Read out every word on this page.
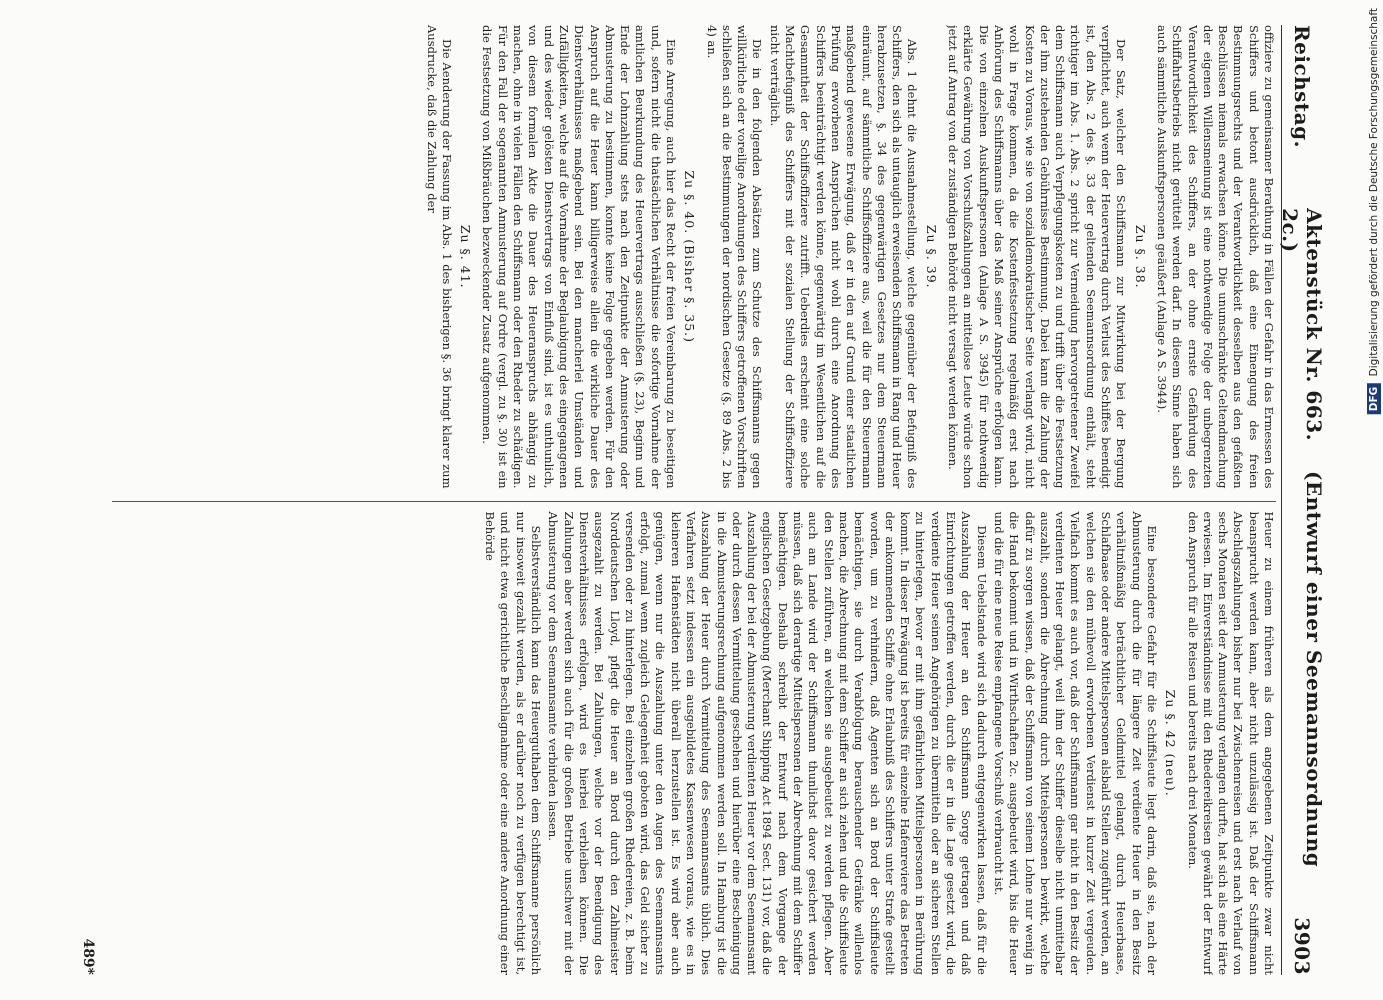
Reichstag.
Aktenstück Nr. 663.    (Entwurf einer Seemannsordnung 2c.)
3903

offiziere zu gemeinsamer Berathung in Fällen der Gefahr in das Ermessen des Schiffers und betont ausdrücklich, daß eine Einengung des freien Bestimmungsrechts und der Verantwortlichkeit desselben aus den gefaßten Beschlüssen niemals erwachsen könne. Die unumschränkte Geltendmachung der eigenen Willensmeinung ist eine nothwendige Folge der unbegrenzten Verantwortlichkeit des Schiffers, an der ohne ernste Gefährdung des Schiffahrtsbetriebs nicht gerüttelt werden darf. In diesem Sinne haben sich auch sämmtliche Auskunftspersonen geäußert (Anlage A S. 3944).

Zu §. 38.

Der Satz, welcher den Schiffsmann zur Mitwirkung bei der Bergung verpflichtet, auch wenn der Heuervertrag durch Verlust des Schiffes beendigt ist, den Abs. 2 des §. 33 der geltenden Seemannsordnung enthält, steht richtiger im Abs. 1. Abs. 2 spricht zur Vermeidung hervorgetretener Zweifel dem Schiffsmann auch Verpflegungskosten zu und trifft über die Festsetzung der ihm zustehenden Gebührnisse Bestimmung. Dabei kann die Zahlung der Kosten zu Voraus, wie sie von sozialdemokratischer Seite verlangt wird, nicht wohl in Frage kommen, da die Kostenfestsetzung regelmäßig erst nach Anhörung des Schiffsmanns über das Maß seiner Ansprüche erfolgen kann. Die von einzelnen Auskunftspersonen (Anlage A S. 3945) für nothwendig erklärte Gewährung von Vorschußzahlungen an mittellose Leute würde schon jetzt auf Antrag von der zuständigen Behörde nicht versagt werden können.

Zu §. 39.

Abs. 1 dehnt die Ausnahmestellung, welche gegenüber der Befugniß des Schiffers, den sich als untauglich erweisenden Schiffsmann in Rang und Heuer herabzusetzen, §. 34 des gegenwärtigen Gesetzes nur dem Steuermann einräumt, auf sämmtliche Schiffsoffiziere aus, weil die für den Steuermann maßgebend gewesene Erwägung, daß er in den auf Grund einer staatlichen Prüfung erworbenen Ansprüchen nicht wohl durch eine Anordnung des Schiffers beeinträchtigt werden könne, gegenwärtig im Wesentlichen auf die Gesammtheit der Schiffsoffiziere zutrifft. Ueberdies erscheint eine solche Machtbefugniß des Schiffers mit der sozialen Stellung der Schiffsoffiziere nicht verträglich.

Die in den folgenden Absätzen zum Schutze des Schiffsmanns gegen willkürliche oder voreilige Anordnungen des Schiffers getroffenen Vorschriften schließen sich an die Bestimmungen der nordischen Gesetze (§. 89 Abs. 2 bis 4) an.

Zu §. 40. (Bisher §. 35.)

Eine Anregung, auch hier das Recht der freien Vereinbarung zu beseitigen und, sofern nicht die thatsächlichen Verhältnisse die sofortige Vornahme der amtlichen Beurkundung des Heuervertrags ausschließen (§. 23), Beginn und Ende der Lohnzahlung stets nach den Zeitpunkte der Anmusterung oder Abmusterung zu bestimmen, konnte keine Folge gegeben werden. Für den Anspruch auf die Heuer kann billigerweise allein die wirkliche Dauer des Dienstverhältnisses maßgebend sein. Bei den mancherlei Umständen und Zufälligkeiten, welche auf die Vornahme der Beglaubigung des eingegangenen und des wieder gelösten Dienstvertrags von Einfluß sind, ist es unthunlich, von diesem formalen Akte die Dauer des Heueranspruchs abhängig zu machen, ohne in vielen Fällen den Schiffsmann oder den Rheder zu schädigen. Für den Fall der sogenannten Anmusterung auf Ordre (vergl. zu §. 30) ist ein die Festsetzung von Mißbräuchen bezweckender Zusatz aufgenommen.

Zu §. 41.

Die Aenderung der Fassung im Abs. 1 des bisherigen §. 36 bringt klarer zum Ausdrucke, daß die Zahlung der

Heuer zu einem früheren als dem angegebenen Zeitpunkte zwar nicht beansprucht werden kann, aber nicht unzulässig ist. Daß der Schiffsmann Abschlagszahlungen bisher nur bei Zwischenreisen und erst nach Verlauf von sechs Monaten seit der Anmusterung verlangen durfte, hat sich als eine Härte erwiesen. Im Einverständnisse mit den Rhedereikreisen gewährt der Entwurf den Anspruch für alle Reisen und bereits nach drei Monaten.

Zu §. 42 (neu).

Eine besondere Gefahr für die Schiffsleute liegt darin, daß sie, nach der Abmusterung durch die für längere Zeit verdiente Heuer in den Besitz verhältnißmäßig beträchtlicher Geldmittel gelangt, durch Heuerbaase, Schlafbaase oder andere Mittelspersonen alsbald Stellen zugeführt werden, an welchen sie den mühevoll erworbenen Verdienst in kurzer Zeit vergeuden. Vielfach kommt es auch vor, daß der Schiffsmann gar nicht in den Besitz der verdienten Heuer gelangt, weil ihm der Schiffer dieselbe nicht unmittelbar auszahlt, sondern die Abrechnung durch Mittelspersonen bewirkt, welche dafür zu sorgen wissen, daß der Schiffsmann von seinem Lohne nur wenig in die Hand bekommt und in Wirthschaften 2c. ausgebeutet wird, bis die Heuer und die für eine neue Reise empfangene Vorschuß verbraucht ist.

Diesem Uebelstande wird sich dadurch entgegenwirken lassen, daß für die Auszahlung der Heuer an den Schiffsmann Sorge getragen und daß Einrichtungen getroffen werden, durch die er in die Lage gesetzt wird, die verdiente Heuer seinen Angehörigen zu übermitteln oder an sicheren Stellen zu hinterlegen, bevor er mit ihm gefährlichen Mittelspersonen in Berührung kommt. In dieser Erwägung ist bereits für einzelne Hafenreviere das Betreten der ankommenden Schiffe ohne Erlaubniß des Schiffers unter Strafe gestellt worden, um zu verhindern, daß Agenten sich an Bord der Schiffsleute bemächtigen, sie durch Verabfolgung berauschender Getränke willenlos machen, die Abrechnung mit dem Schiffer an sich ziehen und die Schiffsleute den Stellen zuführen, an welchen sie ausgebeutet zu werden pflegen. Aber auch am Lande wird der Schiffsmann thunlichst davor gesichert werden müssen, daß sich derartige Mittelspersonen der Abrechnung mit dem Schiffer bemächtigen. Deshalb schreibt der Entwurf nach dem Vorgange der englischen Gesetzgebung (Merchant Shipping Act 1894 Sect. 131) vor, daß die Auszahlung der bei der Abmusterung verdienten Heuer vor dem Seemannsamt oder durch dessen Vermittelung geschehen und hierüber eine Bescheinigung in die Abmusterungsrechnung aufgenommen werden soll. In Hamburg ist die Auszahlung der Heuer durch Vermittelung des Seemannsamts üblich. Dies Verfahren setzt indessen ein ausgebildetes Kassenwesen voraus, wie es in kleineren Hafenstädten nicht überall herzustellen ist. Es wird aber auch genügen, wenn nur die Auszahlung unter den Augen des Seemannsamts erfolgt, zumal wenn zugleich Gelegenheit geboten wird, das Geld sicher zu versenden oder zu hinterlegen. Bei einzelnen großen Rhedereien, z. B. beim Norddeutschen Lloyd, pflegt die Heuer an Bord durch den Zahlmeister ausgezahlt zu werden. Bei Zahlungen, welche vor der Beendigung des Dienstverhältnisses erfolgen, wird es hierbei verbleiben können. Die Zahlungen aber werden sich auch für die großen Betriebe unschwer mit der Abmusterung vor dem Seemannsamte verbinden lassen.

Selbstverständlich kann das Heuerguthaben dem Schiffsmanne persönlich nur insoweit gezahlt werden, als er darüber noch zu verfügen berechtigt ist, und nicht etwa gerichtliche Beschlagnahme oder eine andere Anordnung einer Behörde

489*
DFG Digitalisierung gefördert durch die Deutsche Forschungsgemeinschaft
